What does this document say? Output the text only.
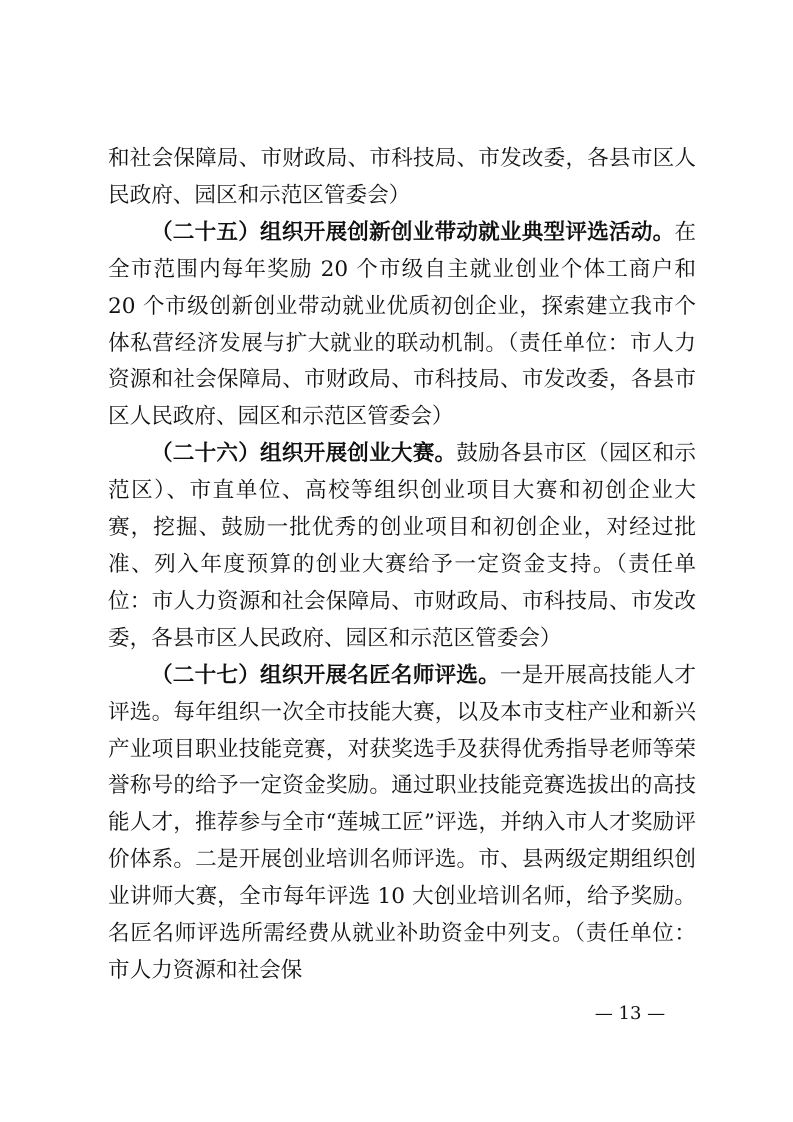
和社会保障局、市财政局、市科技局、市发改委，各县市区人民政府、园区和示范区管委会）

（二十五）组织开展创新创业带动就业典型评选活动。在全市范围内每年奖励 20 个市级自主就业创业个体工商户和 20 个市级创新创业带动就业优质初创企业，探索建立我市个体私营经济发展与扩大就业的联动机制。（责任单位：市人力资源和社会保障局、市财政局、市科技局、市发改委，各县市区人民政府、园区和示范区管委会）

（二十六）组织开展创业大赛。鼓励各县市区（园区和示范区）、市直单位、高校等组织创业项目大赛和初创企业大赛，挖掘、鼓励一批优秀的创业项目和初创企业，对经过批准、列入年度预算的创业大赛给予一定资金支持。（责任单位：市人力资源和社会保障局、市财政局、市科技局、市发改委，各县市区人民政府、园区和示范区管委会）

（二十七）组织开展名匠名师评选。一是开展高技能人才评选。每年组织一次全市技能大赛，以及本市支柱产业和新兴产业项目职业技能竞赛，对获奖选手及获得优秀指导老师等荣誉称号的给予一定资金奖励。通过职业技能竞赛选拔出的高技能人才，推荐参与全市“莲城工匠”评选，并纳入市人才奖励评价体系。二是开展创业培训名师评选。市、县两级定期组织创业讲师大赛，全市每年评选 10 大创业培训名师，给予奖励。名匠名师评选所需经费从就业补助资金中列支。（责任单位：市人力资源和社会保

— 13 —
